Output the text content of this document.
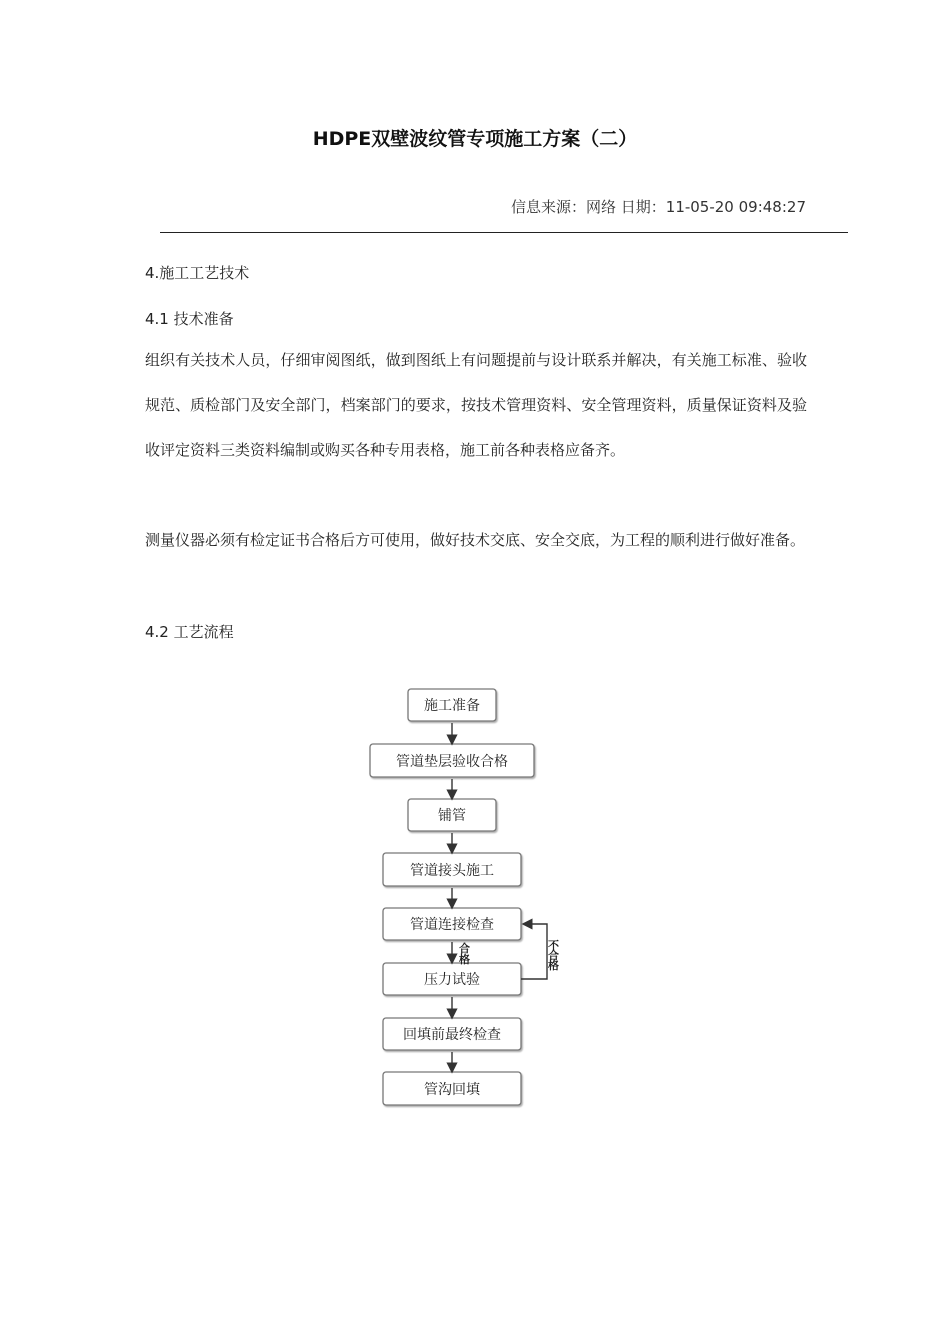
HDPE双壁波纹管专项施工方案（二）
信息来源：网络 日期：11-05-20 09:48:27
4.施工工艺技术
4.1 技术准备
组织有关技术人员，仔细审阅图纸，做到图纸上有问题提前与设计联系并解决，有关施工标准、验收规范、质检部门及安全部门，档案部门的要求，按技术管理资料、安全管理资料，质量保证资料及验收评定资料三类资料编制或购买各种专用表格，施工前各种表格应备齐。
测量仪器必须有检定证书合格后方可使用，做好技术交底、安全交底，为工程的顺利进行做好准备。
4.2 工艺流程
施工准备
管道垫层验收合格
铺管
管道接头施工
管道连接检查
压力试验
回填前最终检查
管沟回填
合
格
不
合
格
